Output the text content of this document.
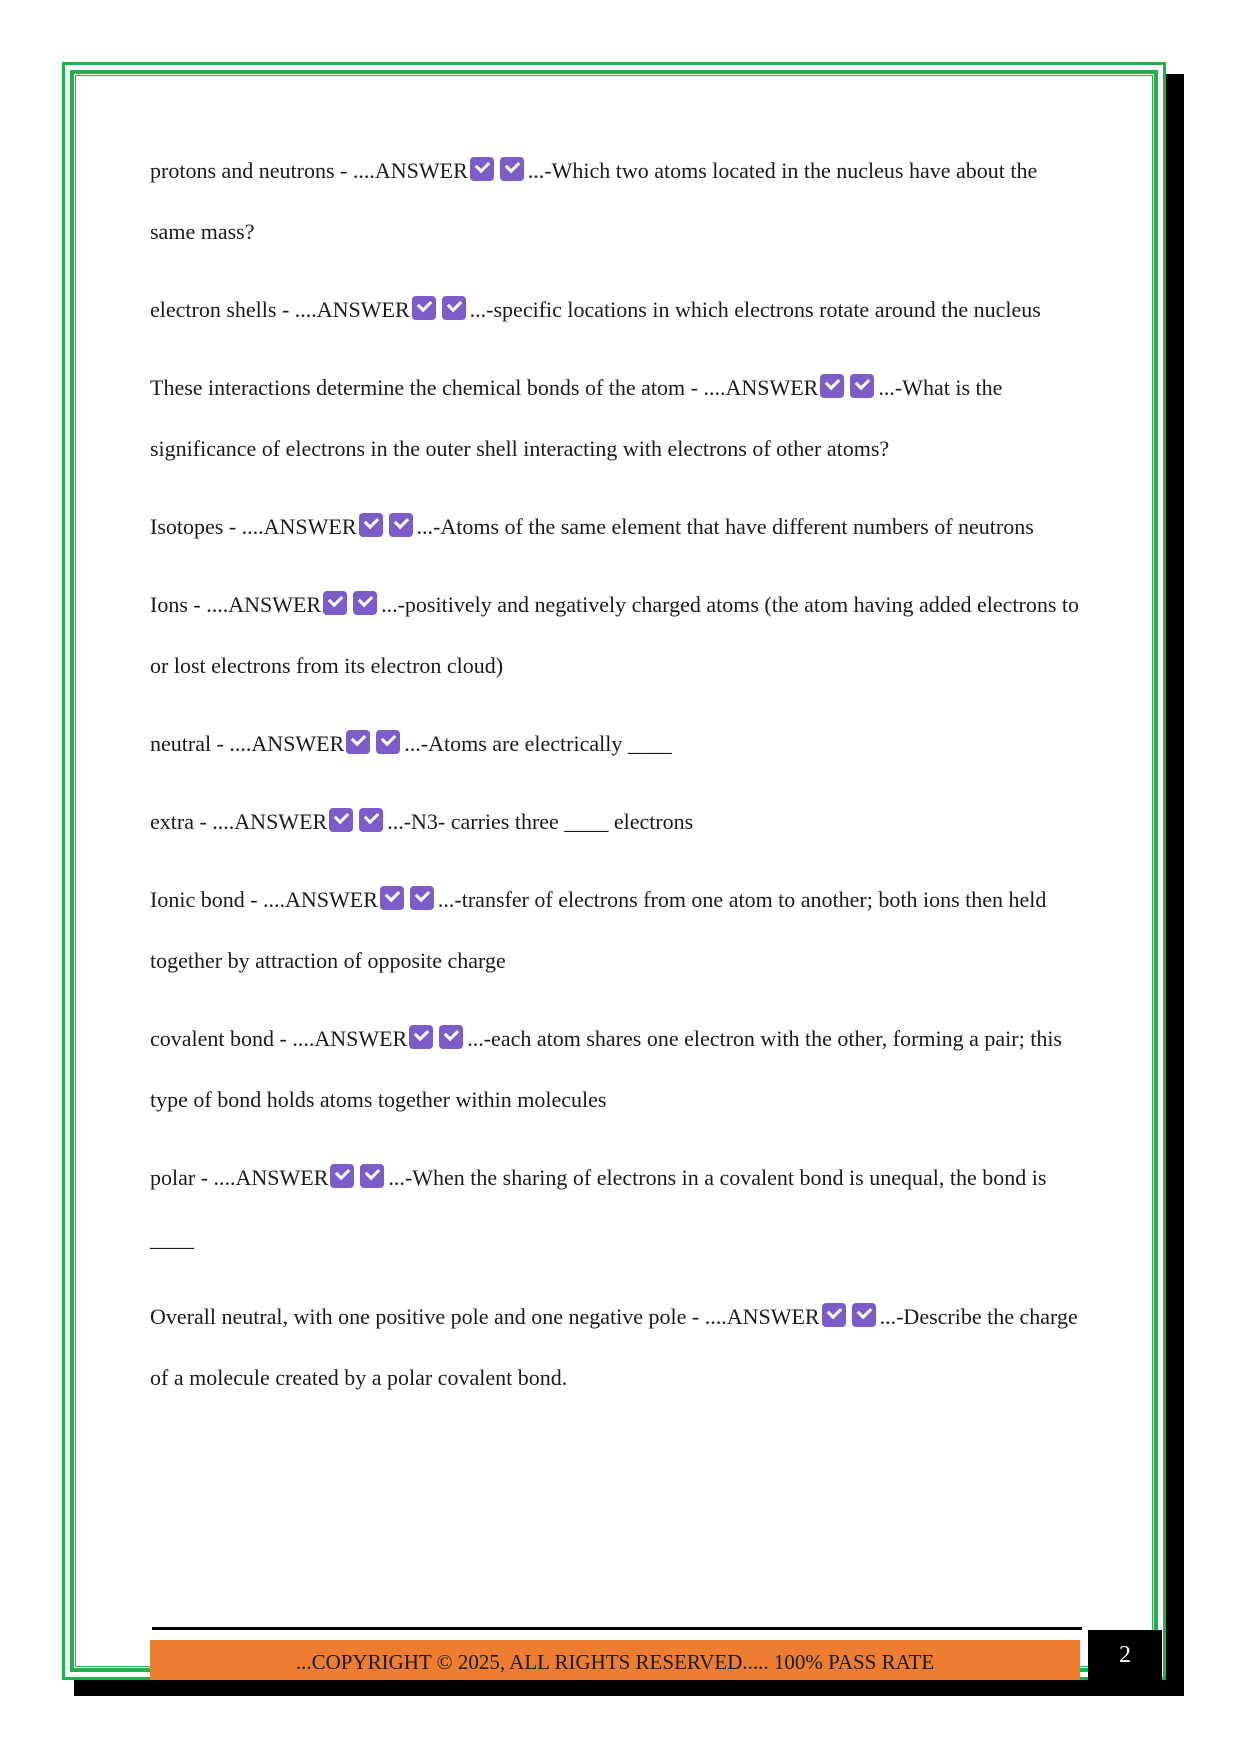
protons and neutrons - ....ANSWER	...-Which two atoms located in the nucleus have about the same mass?
electron shells - ....ANSWER	...-specific locations in which electrons rotate around the nucleus
These interactions determine the chemical bonds of the atom - ....ANSWER	...-What is the significance of electrons in the outer shell interacting with electrons of other atoms?
Isotopes - ....ANSWER	...-Atoms of the same element that have different numbers of neutrons
Ions - ....ANSWER	...-positively and negatively charged atoms (the atom having added electrons to or lost electrons from its electron cloud)
neutral - ....ANSWER	...-Atoms are electrically ____
extra - ....ANSWER	...-N3- carries three ____ electrons
Ionic bond - ....ANSWER	...-transfer of electrons from one atom to another; both ions then held together by attraction of opposite charge
covalent bond - ....ANSWER	...-each atom shares one electron with the other, forming a pair; this type of bond holds atoms together within molecules
polar - ....ANSWER	...-When the sharing of electrons in a covalent bond is unequal, the bond is ____
Overall neutral, with one positive pole and one negative pole - ....ANSWER	...-Describe the charge of a molecule created by a polar covalent bond.
...COPYRIGHT © 2025, ALL RIGHTS RESERVED..... 100% PASS RATE	2
